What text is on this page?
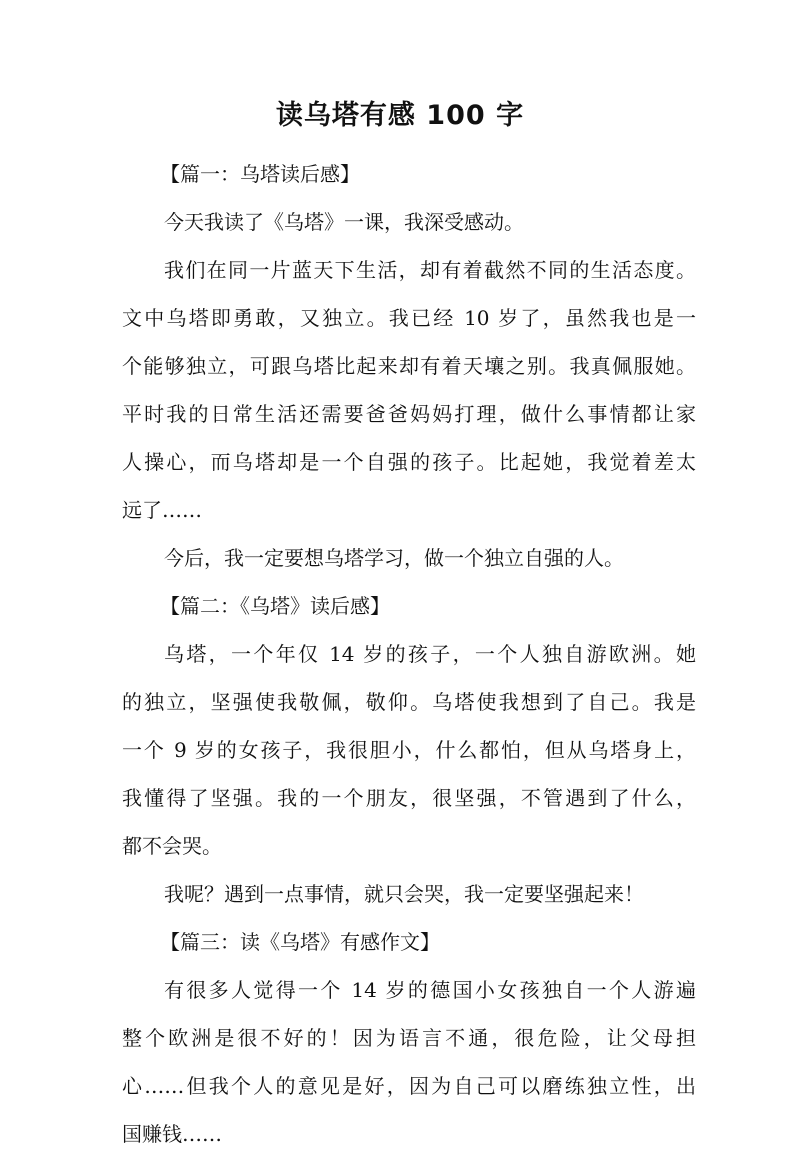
读乌塔有感 100 字
【篇一：乌塔读后感】
今天我读了《乌塔》一课，我深受感动。
我们在同一片蓝天下生活，却有着截然不同的生活态度。
文中乌塔即勇敢，又独立。我已经 10 岁了，虽然我也是一
个能够独立，可跟乌塔比起来却有着天壤之别。我真佩服她。
平时我的日常生活还需要爸爸妈妈打理，做什么事情都让家
人操心，而乌塔却是一个自强的孩子。比起她，我觉着差太
远了……
今后，我一定要想乌塔学习，做一个独立自强的人。
【篇二：《乌塔》读后感】
乌塔，一个年仅 14 岁的孩子，一个人独自游欧洲。她
的独立，坚强使我敬佩，敬仰。乌塔使我想到了自己。我是
一个 9 岁的女孩子，我很胆小，什么都怕，但从乌塔身上，
我懂得了坚强。我的一个朋友，很坚强，不管遇到了什么，
都不会哭。
我呢？遇到一点事情，就只会哭，我一定要坚强起来！
【篇三：读《乌塔》有感作文】
有很多人觉得一个 14 岁的德国小女孩独自一个人游遍
整个欧洲是很不好的！因为语言不通，很危险，让父母担
心……但我个人的意见是好，因为自己可以磨练独立性，出
国赚钱……
